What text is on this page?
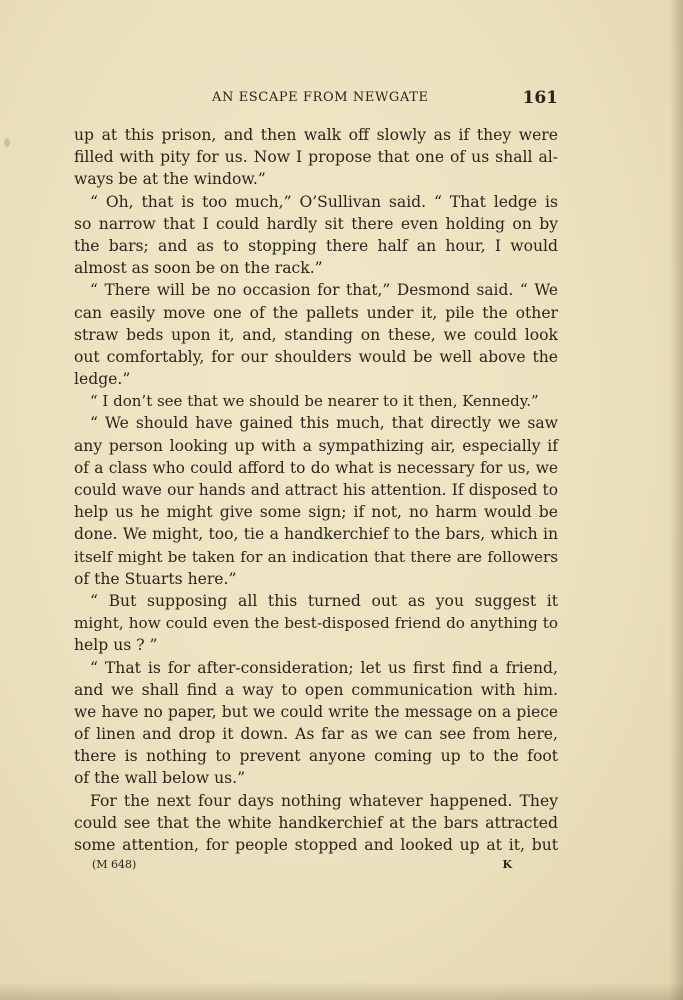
AN ESCAPE FROM NEWGATE	161
up at this prison, and then walk off slowly as if they were
filled with pity for us. Now I propose that one of us shall al-
ways be at the window.”
“ Oh, that is too much,” O’Sullivan said. “ That ledge is
so narrow that I could hardly sit there even holding on by
the bars; and as to stopping there half an hour, I would
almost as soon be on the rack.”
“ There will be no occasion for that,” Desmond said. “ We
can easily move one of the pallets under it, pile the other
straw beds upon it, and, standing on these, we could look
out comfortably, for our shoulders would be well above the
ledge.”
“ I don’t see that we should be nearer to it then, Kennedy.”
“ We should have gained this much, that directly we saw
any person looking up with a sympathizing air, especially if
of a class who could afford to do what is necessary for us, we
could wave our hands and attract his attention. If disposed to
help us he might give some sign; if not, no harm would be
done. We might, too, tie a handkerchief to the bars, which in
itself might be taken for an indication that there are followers
of the Stuarts here.”
“ But supposing all this turned out as you suggest it
might, how could even the best-disposed friend do anything to
help us ? ”
“ That is for after-consideration; let us first find a friend,
and we shall find a way to open communication with him.
we have no paper, but we could write the message on a piece
of linen and drop it down. As far as we can see from here,
there is nothing to prevent anyone coming up to the foot
of the wall below us.”
For the next four days nothing whatever happened. They
could see that the white handkerchief at the bars attracted
some attention, for people stopped and looked up at it, but
(M 648)	K
